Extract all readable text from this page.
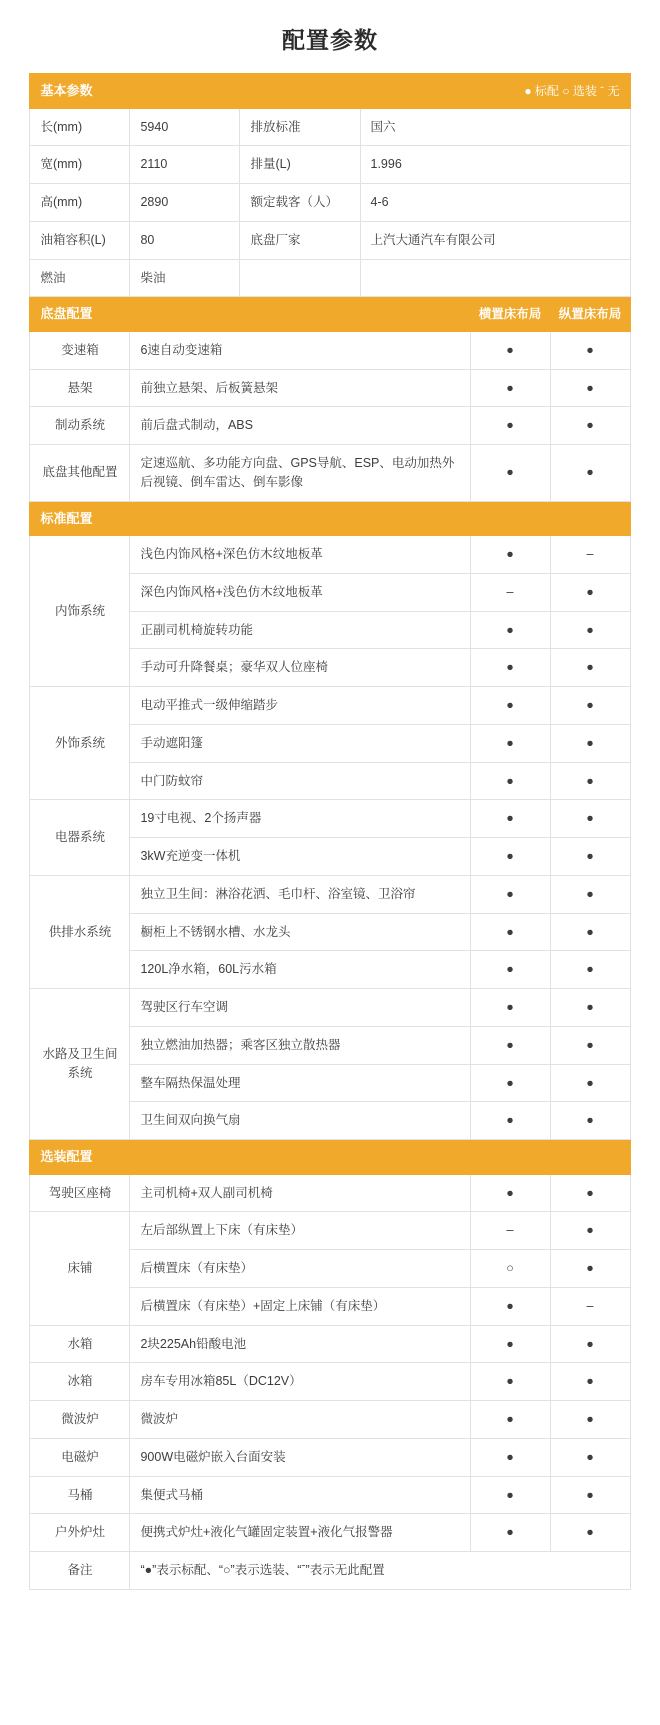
配置参数
基本参数			● 标配 ○ 选装 ˉ 无		
长(mm)	5940	排放标准	国六		
宽(mm)	2110	排量(L)	1.996		
高(mm)	2890	额定载客（人）	4-6		
油箱容积(L)	80	底盘厂家	上汽大通汽车有限公司		
燃油	柴油				
底盘配置				横置床布局	纵置床布局
变速箱	6速自动变速箱			●	●
悬架	前独立悬架、后板簧悬架			●	●
制动系统	前后盘式制动，ABS			●	●
底盘其他配置	定速巡航、多功能方向盘、GPS导航、ESP、电动加热外后视镜、倒车雷达、倒车影像			●	●
标准配置					
内饰系统	浅色内饰风格+深色仿木纹地板革			●	–
	深色内饰风格+浅色仿木纹地板革			–	●
	正副司机椅旋转功能			●	●
	手动可升降餐桌；豪华双人位座椅			●	●
外饰系统	电动平推式一级伸缩踏步			●	●
	手动遮阳篷			●	●
	中门防蚊帘			●	●
电器系统	19寸电视、2个扬声器			●	●
	3kW充逆变一体机			●	●
供排水系统	独立卫生间：淋浴花洒、毛巾杆、浴室镜、卫浴帘			●	●
	橱柜上不锈钢水槽、水龙头			●	●
	120L净水箱，60L污水箱			●	●
水路及卫生间系统	驾驶区行车空调			●	●
	独立燃油加热器；乘客区独立散热器			●	●
	整车隔热保温处理			●	●
	卫生间双向换气扇			●	●
选装配置					
驾驶区座椅	主司机椅+双人副司机椅			●	●
床铺	左后部纵置上下床（有床垫）			–	●
	后横置床（有床垫）			○	●
	后横置床（有床垫）+固定上床铺（有床垫）			●	–
水箱	2块225Ah铅酸电池			●	●
冰箱	房车专用冰箱85L（DC12V）			●	●
微波炉	微波炉			●	●
电磁炉	900W电磁炉嵌入台面安装			●	●
马桶	集便式马桶			●	●
户外炉灶	便携式炉灶+液化气罐固定装置+液化气报警器			●	●
备注	“●”表示标配、“○”表示选装、“ˉ”表示无此配置				
